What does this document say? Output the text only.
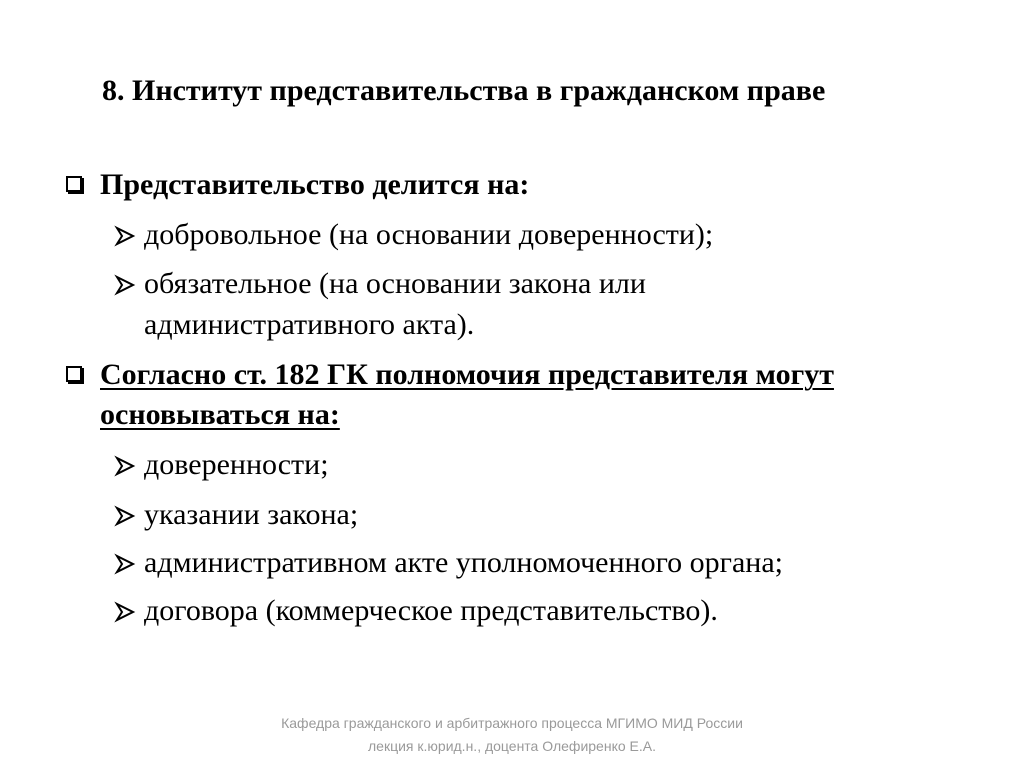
8. Институт представительства в гражданском праве
Представительство делится на:
добровольное (на основании доверенности);
обязательное (на основании закона или
административного акта).
Согласно ст. 182 ГК полномочия представителя могут
основываться на:
доверенности;
указании закона;
административном акте уполномоченного органа;
договора (коммерческое представительство).
Кафедра гражданского и арбитражного процесса МГИМО МИД России
лекция к.юрид.н., доцента Олефиренко Е.А.
